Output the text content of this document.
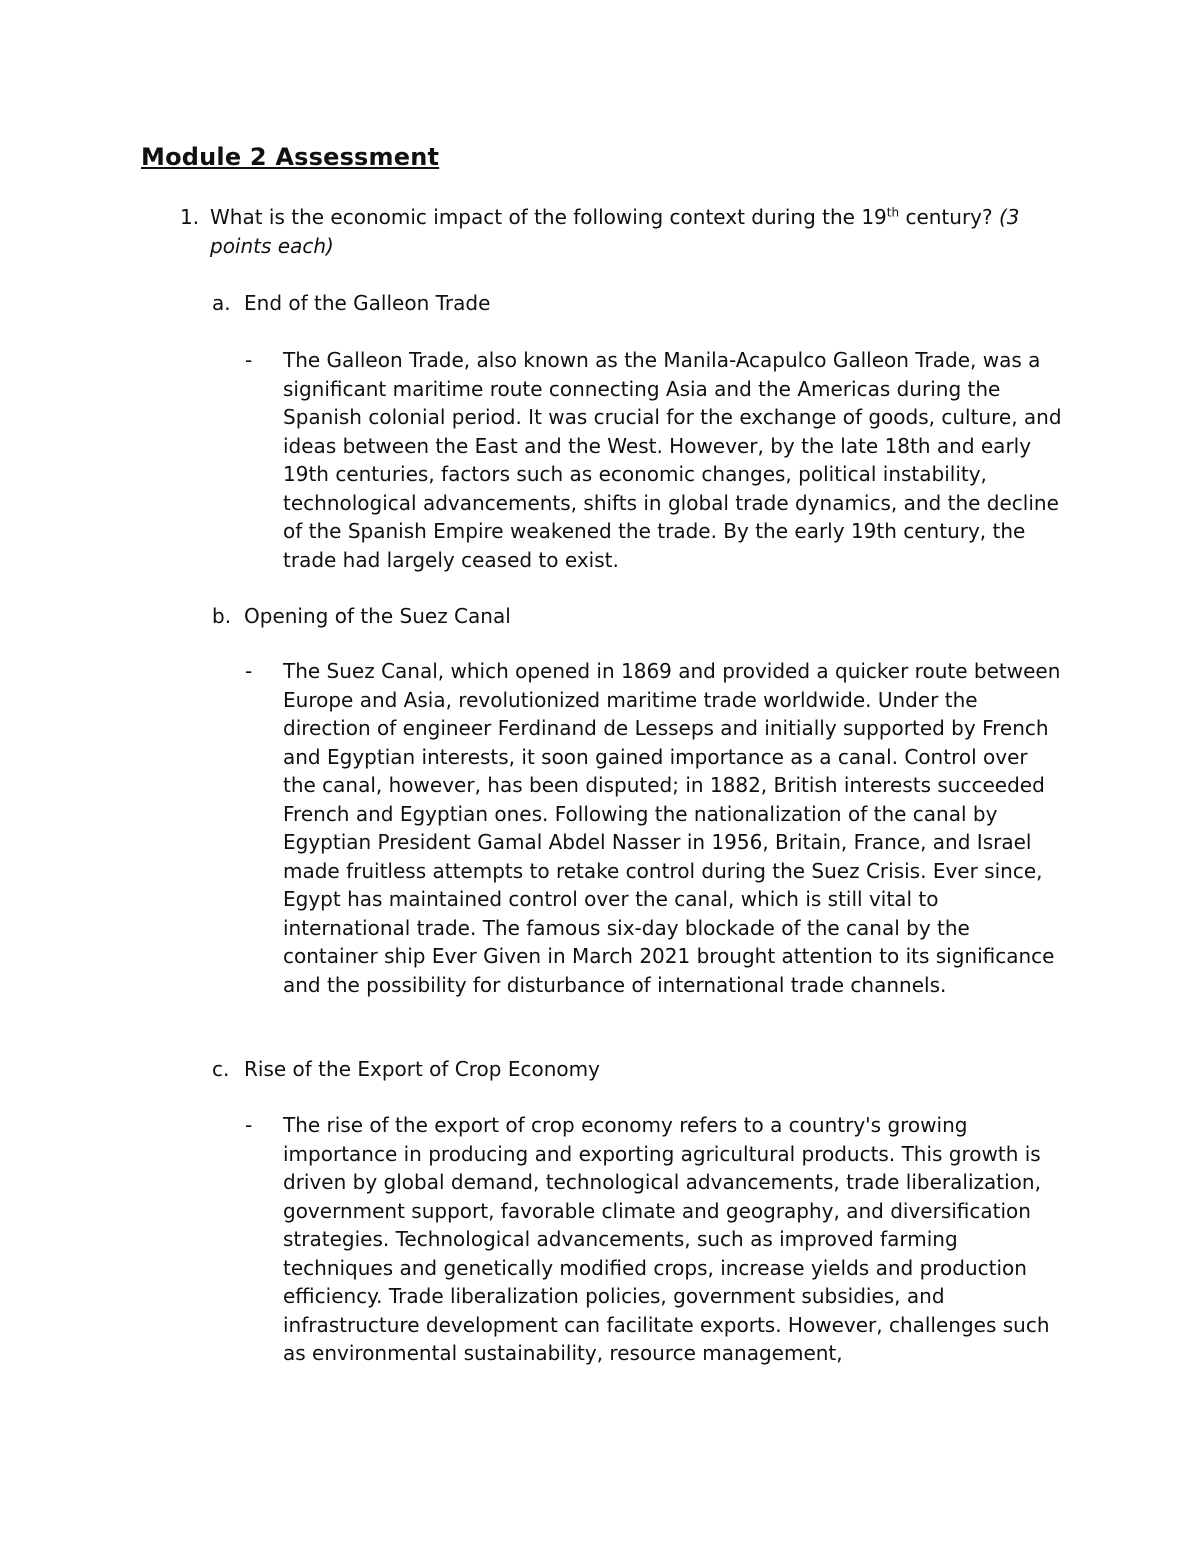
Module 2 Assessment
1. What is the economic impact of the following context during the 19th century? (3 points each)
a. End of the Galleon Trade
- The Galleon Trade, also known as the Manila-Acapulco Galleon Trade, was a significant maritime route connecting Asia and the Americas during the Spanish colonial period. It was crucial for the exchange of goods, culture, and ideas between the East and the West. However, by the late 18th and early 19th centuries, factors such as economic changes, political instability, technological advancements, shifts in global trade dynamics, and the decline of the Spanish Empire weakened the trade. By the early 19th century, the trade had largely ceased to exist.
b. Opening of the Suez Canal
- The Suez Canal, which opened in 1869 and provided a quicker route between Europe and Asia, revolutionized maritime trade worldwide. Under the direction of engineer Ferdinand de Lesseps and initially supported by French and Egyptian interests, it soon gained importance as a canal. Control over the canal, however, has been disputed; in 1882, British interests succeeded French and Egyptian ones. Following the nationalization of the canal by Egyptian President Gamal Abdel Nasser in 1956, Britain, France, and Israel made fruitless attempts to retake control during the Suez Crisis. Ever since, Egypt has maintained control over the canal, which is still vital to international trade. The famous six-day blockade of the canal by the container ship Ever Given in March 2021 brought attention to its significance and the possibility for disturbance of international trade channels.
c. Rise of the Export of Crop Economy
- The rise of the export of crop economy refers to a country's growing importance in producing and exporting agricultural products. This growth is driven by global demand, technological advancements, trade liberalization, government support, favorable climate and geography, and diversification strategies. Technological advancements, such as improved farming techniques and genetically modified crops, increase yields and production efficiency. Trade liberalization policies, government subsidies, and infrastructure development can facilitate exports. However, challenges such as environmental sustainability, resource management,
